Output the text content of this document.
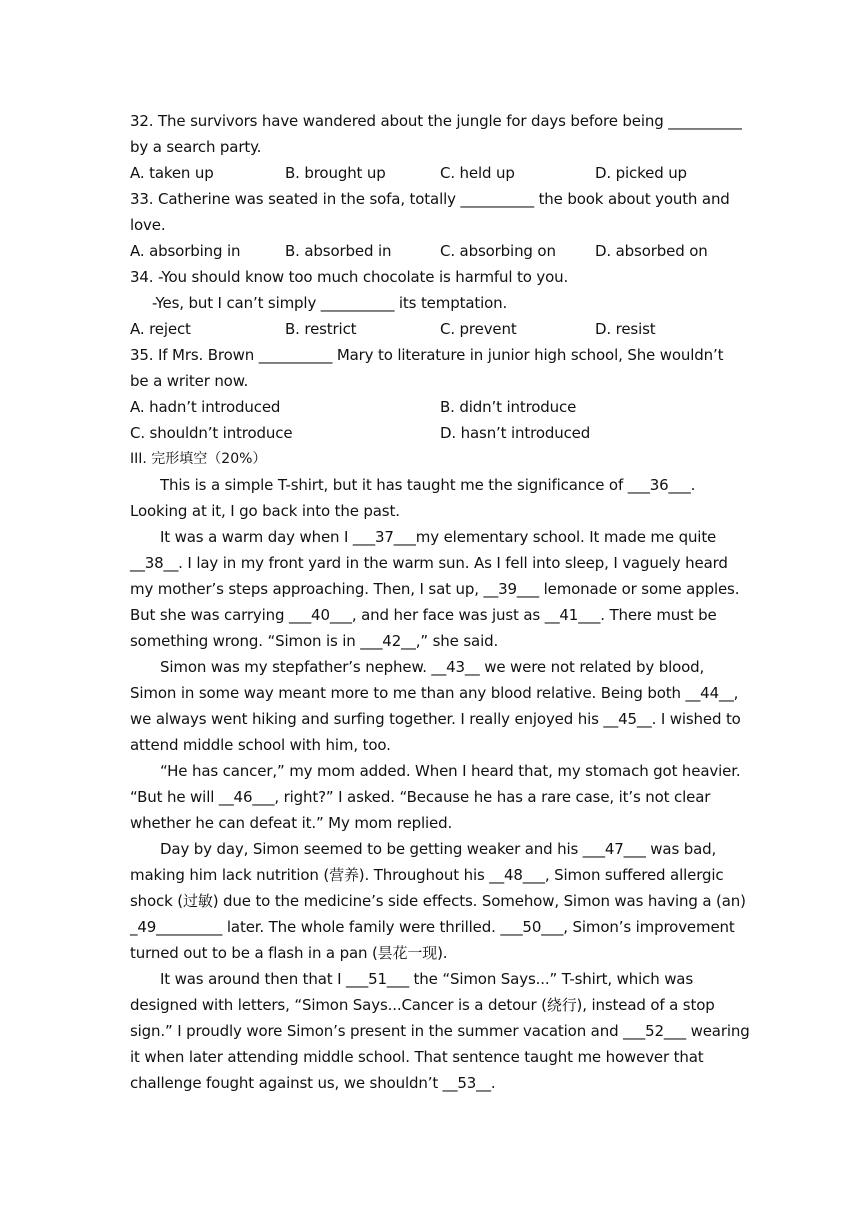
32. The survivors have wandered about the jungle for days before being __________
by a search party.
A. taken up	B. brought up	C. held up	D. picked up
33. Catherine was seated in the sofa, totally __________ the book about youth and
love.
A. absorbing in	B. absorbed in	C. absorbing on	D. absorbed on
34. -You should know too much chocolate is harmful to you.
-Yes, but I can’t simply __________ its temptation.
A. reject	B. restrict	C. prevent	D. resist
35. If Mrs. Brown __________ Mary to literature in junior high school, She wouldn’t
be a writer now.
A. hadn’t introduced	B. didn’t introduce
C. shouldn’t introduce	D. hasn’t introduced
III. 完形填空（20%）
This is a simple T-shirt, but it has taught me the significance of ___36___. Looking at it, I go back into the past.
It was a warm day when I ___37___my elementary school. It made me quite __38__. I lay in my front yard in the warm sun. As I fell into sleep, I vaguely heard my mother’s steps approaching. Then, I sat up, __39___ lemonade or some apples. But she was carrying ___40___, and her face was just as __41___. There must be something wrong. “Simon is in ___42__,” she said.
Simon was my stepfather’s nephew. __43__ we were not related by blood, Simon in some way meant more to me than any blood relative. Being both __44__, we always went hiking and surfing together. I really enjoyed his __45__. I wished to attend middle school with him, too.
“He has cancer,” my mom added. When I heard that, my stomach got heavier. “But he will __46___, right?” I asked. “Because he has a rare case, it’s not clear whether he can defeat it.” My mom replied.
Day by day, Simon seemed to be getting weaker and his ___47___ was bad, making him lack nutrition (营养). Throughout his __48___, Simon suffered allergic shock (过敏) due to the medicine’s side effects. Somehow, Simon was having a (an) _49_________ later. The whole family were thrilled. ___50___, Simon’s improvement turned out to be a flash in a pan (昙花一现).
It was around then that I ___51___ the “Simon Says...” T-shirt, which was designed with letters, “Simon Says...Cancer is a detour (绕行), instead of a stop sign.” I proudly wore Simon’s present in the summer vacation and ___52___ wearing it when later attending middle school. That sentence taught me however that challenge fought against us, we shouldn’t __53__.
